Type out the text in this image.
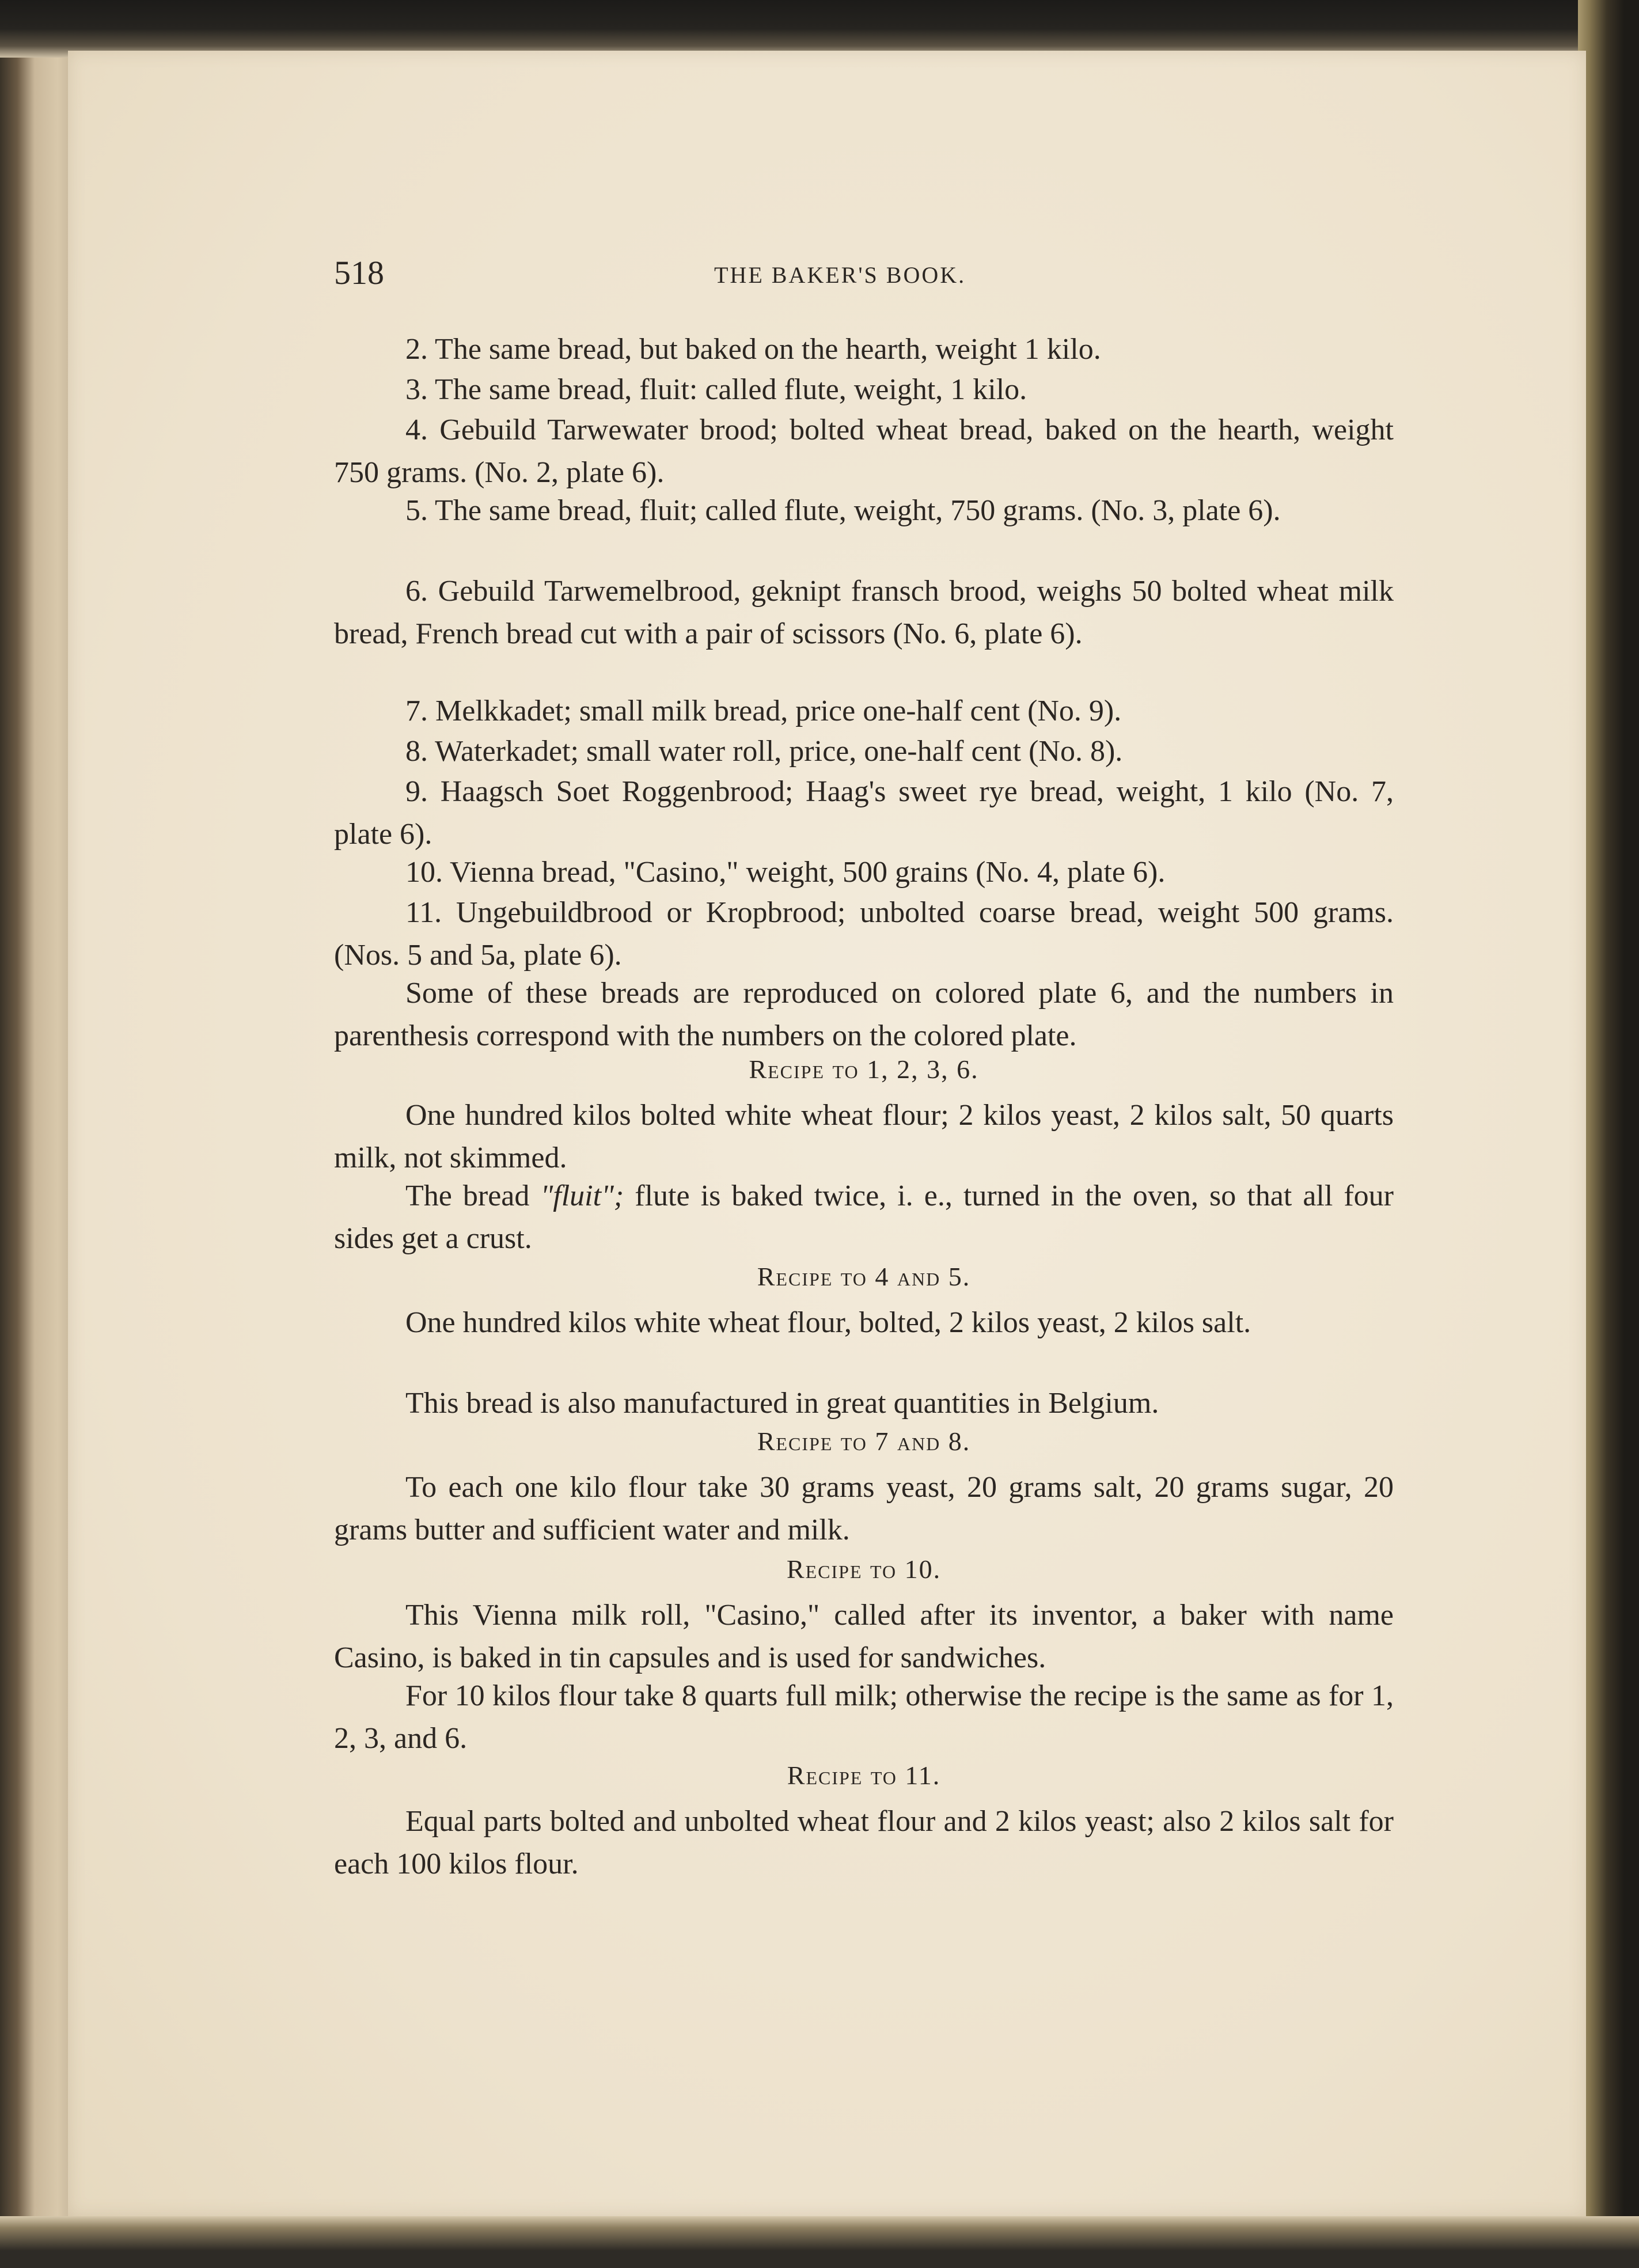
518	THE BAKER'S BOOK.
2. The same bread, but baked on the hearth, weight 1 kilo.
3. The same bread, fluit: called flute, weight, 1 kilo.
4. Gebuild Tarwewater brood; bolted wheat bread, baked on the hearth, weight 750 grams. (No. 2, plate 6).
5. The same bread, fluit; called flute, weight, 750 grams. (No. 3, plate 6).
6. Gebuild Tarwemelbrood, geknipt fransch brood, weighs 50 bolted wheat milk bread, French bread cut with a pair of scissors (No. 6, plate 6).
7. Melkkadet; small milk bread, price one-half cent (No. 9).
8. Waterkadet; small water roll, price, one-half cent (No. 8).
9. Haagsch Soet Roggenbrood; Haag's sweet rye bread, weight, 1 kilo (No. 7, plate 6).
10. Vienna bread, "Casino," weight, 500 grains (No. 4, plate 6).
11. Ungebuildbrood or Kropbrood; unbolted coarse bread, weight 500 grams. (Nos. 5 and 5a, plate 6).
Some of these breads are reproduced on colored plate 6, and the numbers in parenthesis correspond with the numbers on the colored plate.
Recipe to 1, 2, 3, 6.
One hundred kilos bolted white wheat flour; 2 kilos yeast, 2 kilos salt, 50 quarts milk, not skimmed.
The bread "fluit"; flute is baked twice, i. e., turned in the oven, so that all four sides get a crust.
Recipe to 4 and 5.
One hundred kilos white wheat flour, bolted, 2 kilos yeast, 2 kilos salt.
This bread is also manufactured in great quantities in Belgium.
Recipe to 7 and 8.
To each one kilo flour take 30 grams yeast, 20 grams salt, 20 grams sugar, 20 grams butter and sufficient water and milk.
Recipe to 10.
This Vienna milk roll, "Casino," called after its inventor, a baker with name Casino, is baked in tin capsules and is used for sandwiches.
For 10 kilos flour take 8 quarts full milk; otherwise the recipe is the same as for 1, 2, 3, and 6.
Recipe to 11.
Equal parts bolted and unbolted wheat flour and 2 kilos yeast; also 2 kilos salt for each 100 kilos flour.
